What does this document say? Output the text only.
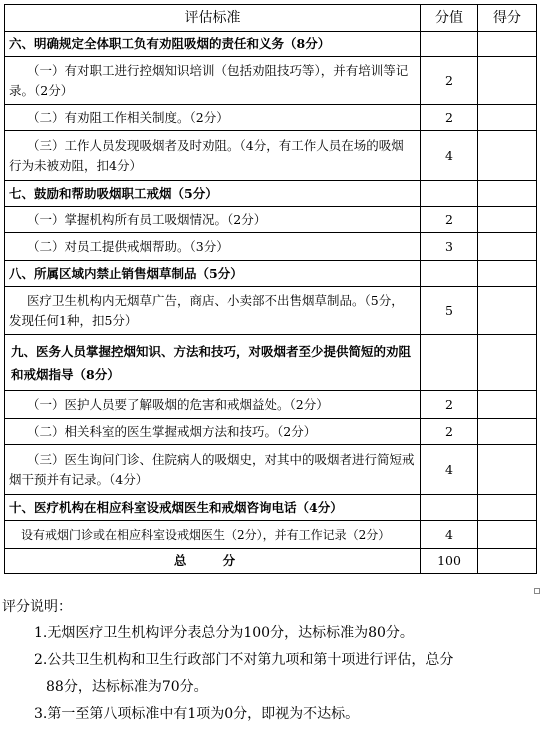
评估标准	分值	得分
六、明确规定全体职工负有劝阻吸烟的责任和义务（8分）		
（一）有对职工进行控烟知识培训（包括劝阻技巧等），并有培训等记录。（2分）	2	
（二）有劝阻工作相关制度。（2分）	2	
（三）工作人员发现吸烟者及时劝阻。（4分，有工作人员在场的吸烟行为未被劝阻，扣4分）	4	
七、鼓励和帮助吸烟职工戒烟（5分）		
（一）掌握机构所有员工吸烟情况。（2分）	2	
（二）对员工提供戒烟帮助。（3分）	3	
八、所属区域内禁止销售烟草制品（5分）		
医疗卫生机构内无烟草广告，商店、小卖部不出售烟草制品。（5分，发现任何1种，扣5分）	5	
九、医务人员掌握控烟知识、方法和技巧，对吸烟者至少提供简短的劝阻和戒烟指导（8分）		
（一）医护人员要了解吸烟的危害和戒烟益处。（2分）	2	
（二）相关科室的医生掌握戒烟方法和技巧。（2分）	2	
（三）医生询问门诊、住院病人的吸烟史，对其中的吸烟者进行简短戒烟干预并有记录。（4分）	4	
十、医疗机构在相应科室设戒烟医生和戒烟咨询电话（4分）		
设有戒烟门诊或在相应科室设戒烟医生（2分），并有工作记录（2分）	4	
总 分	100	

评分说明：

1.无烟医疗卫生机构评分表总分为100分，达标标准为80分。

2.公共卫生机构和卫生行政部门不对第九项和第十项进行评估，总分

88分，达标标准为70分。

3.第一至第八项标准中有1项为0分，即视为不达标。
